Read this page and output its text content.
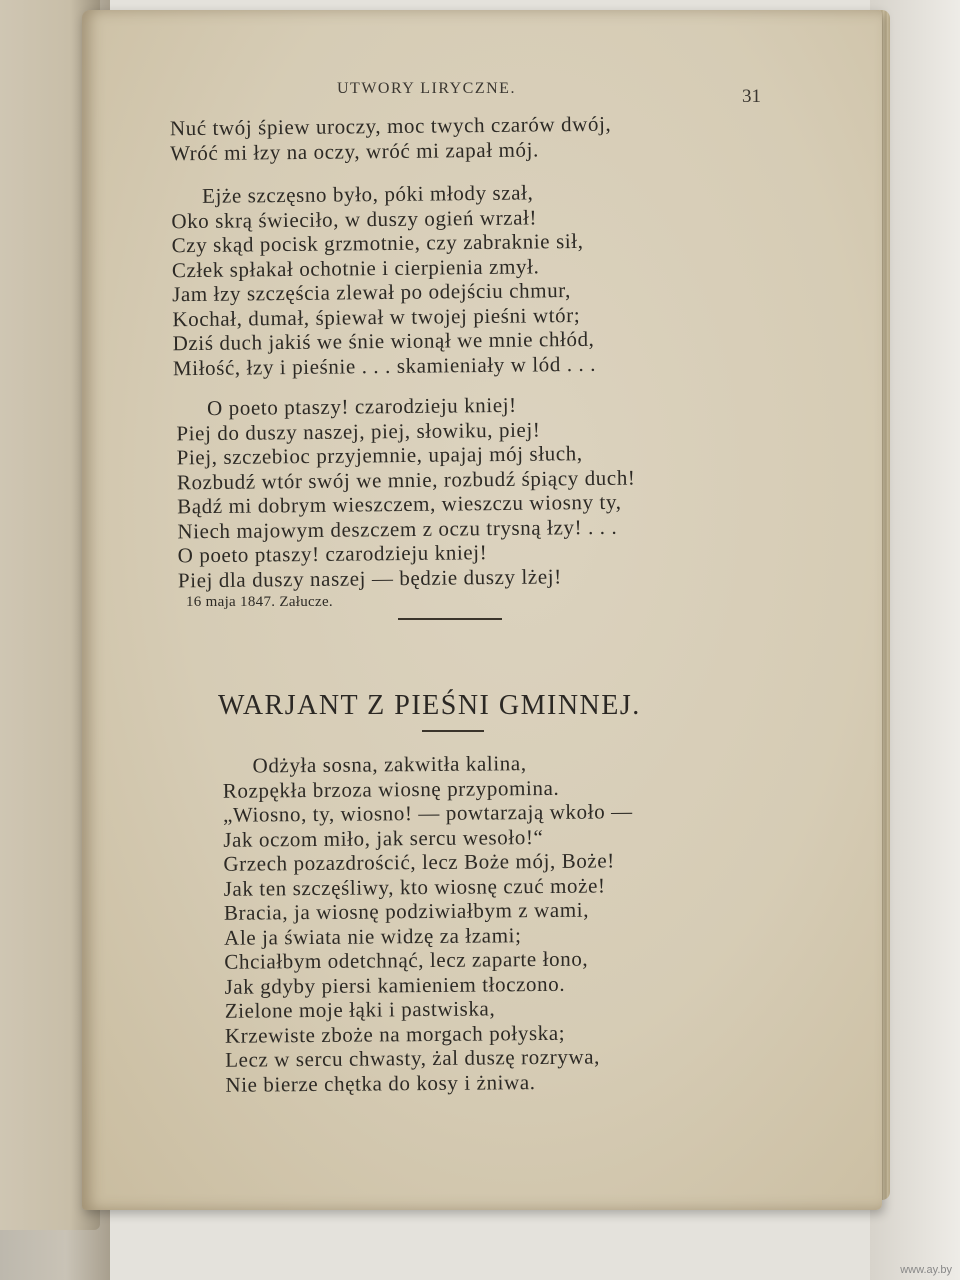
UTWORY LIRYCZNE.	31
Nuć twój śpiew uroczy, moc twych czarów dwój,
Wróć mi łzy na oczy, wróć mi zapał mój.
Ejże szczęsno było, póki młody szał,
Oko skrą świeciło, w duszy ogień wrzał!
Czy skąd pocisk grzmotnie, czy zabraknie sił,
Człek spłakał ochotnie i cierpienia zmył.
Jam łzy szczęścia zlewał po odejściu chmur,
Kochał, dumał, śpiewał w twojej pieśni wtór;
Dziś duch jakiś we śnie wionął we mnie chłód,
Miłość, łzy i pieśnie . . . skamieniały w lód . . .
O poeto ptaszy! czarodzieju kniej!
Piej do duszy naszej, piej, słowiku, piej!
Piej, szczebioc przyjemnie, upajaj mój słuch,
Rozbudź wtór swój we mnie, rozbudź śpiący duch!
Bądź mi dobrym wieszczem, wieszczu wiosny ty,
Niech majowym deszczem z oczu trysną łzy! . . .
O poeto ptaszy! czarodzieju kniej!
Piej dla duszy naszej — będzie duszy lżej!
16 maja 1847. Załucze.
WARJANT Z PIEŚNI GMINNEJ.
Odżyła sosna, zakwitła kalina,
Rozpękła brzoza wiosnę przypomina.
„Wiosno, ty, wiosno! — powtarzają wkoło —
Jak oczom miło, jak sercu wesoło!“
Grzech pozazdrościć, lecz Boże mój, Boże!
Jak ten szczęśliwy, kto wiosnę czuć może!
Bracia, ja wiosnę podziwiałbym z wami,
Ale ja świata nie widzę za łzami;
Chciałbym odetchnąć, lecz zaparte łono,
Jak gdyby piersi kamieniem tłoczono.
Zielone moje łąki i pastwiska,
Krzewiste zboże na morgach połyska;
Lecz w sercu chwasty, żal duszę rozrywa,
Nie bierze chętka do kosy i żniwa.
www.ay.by
